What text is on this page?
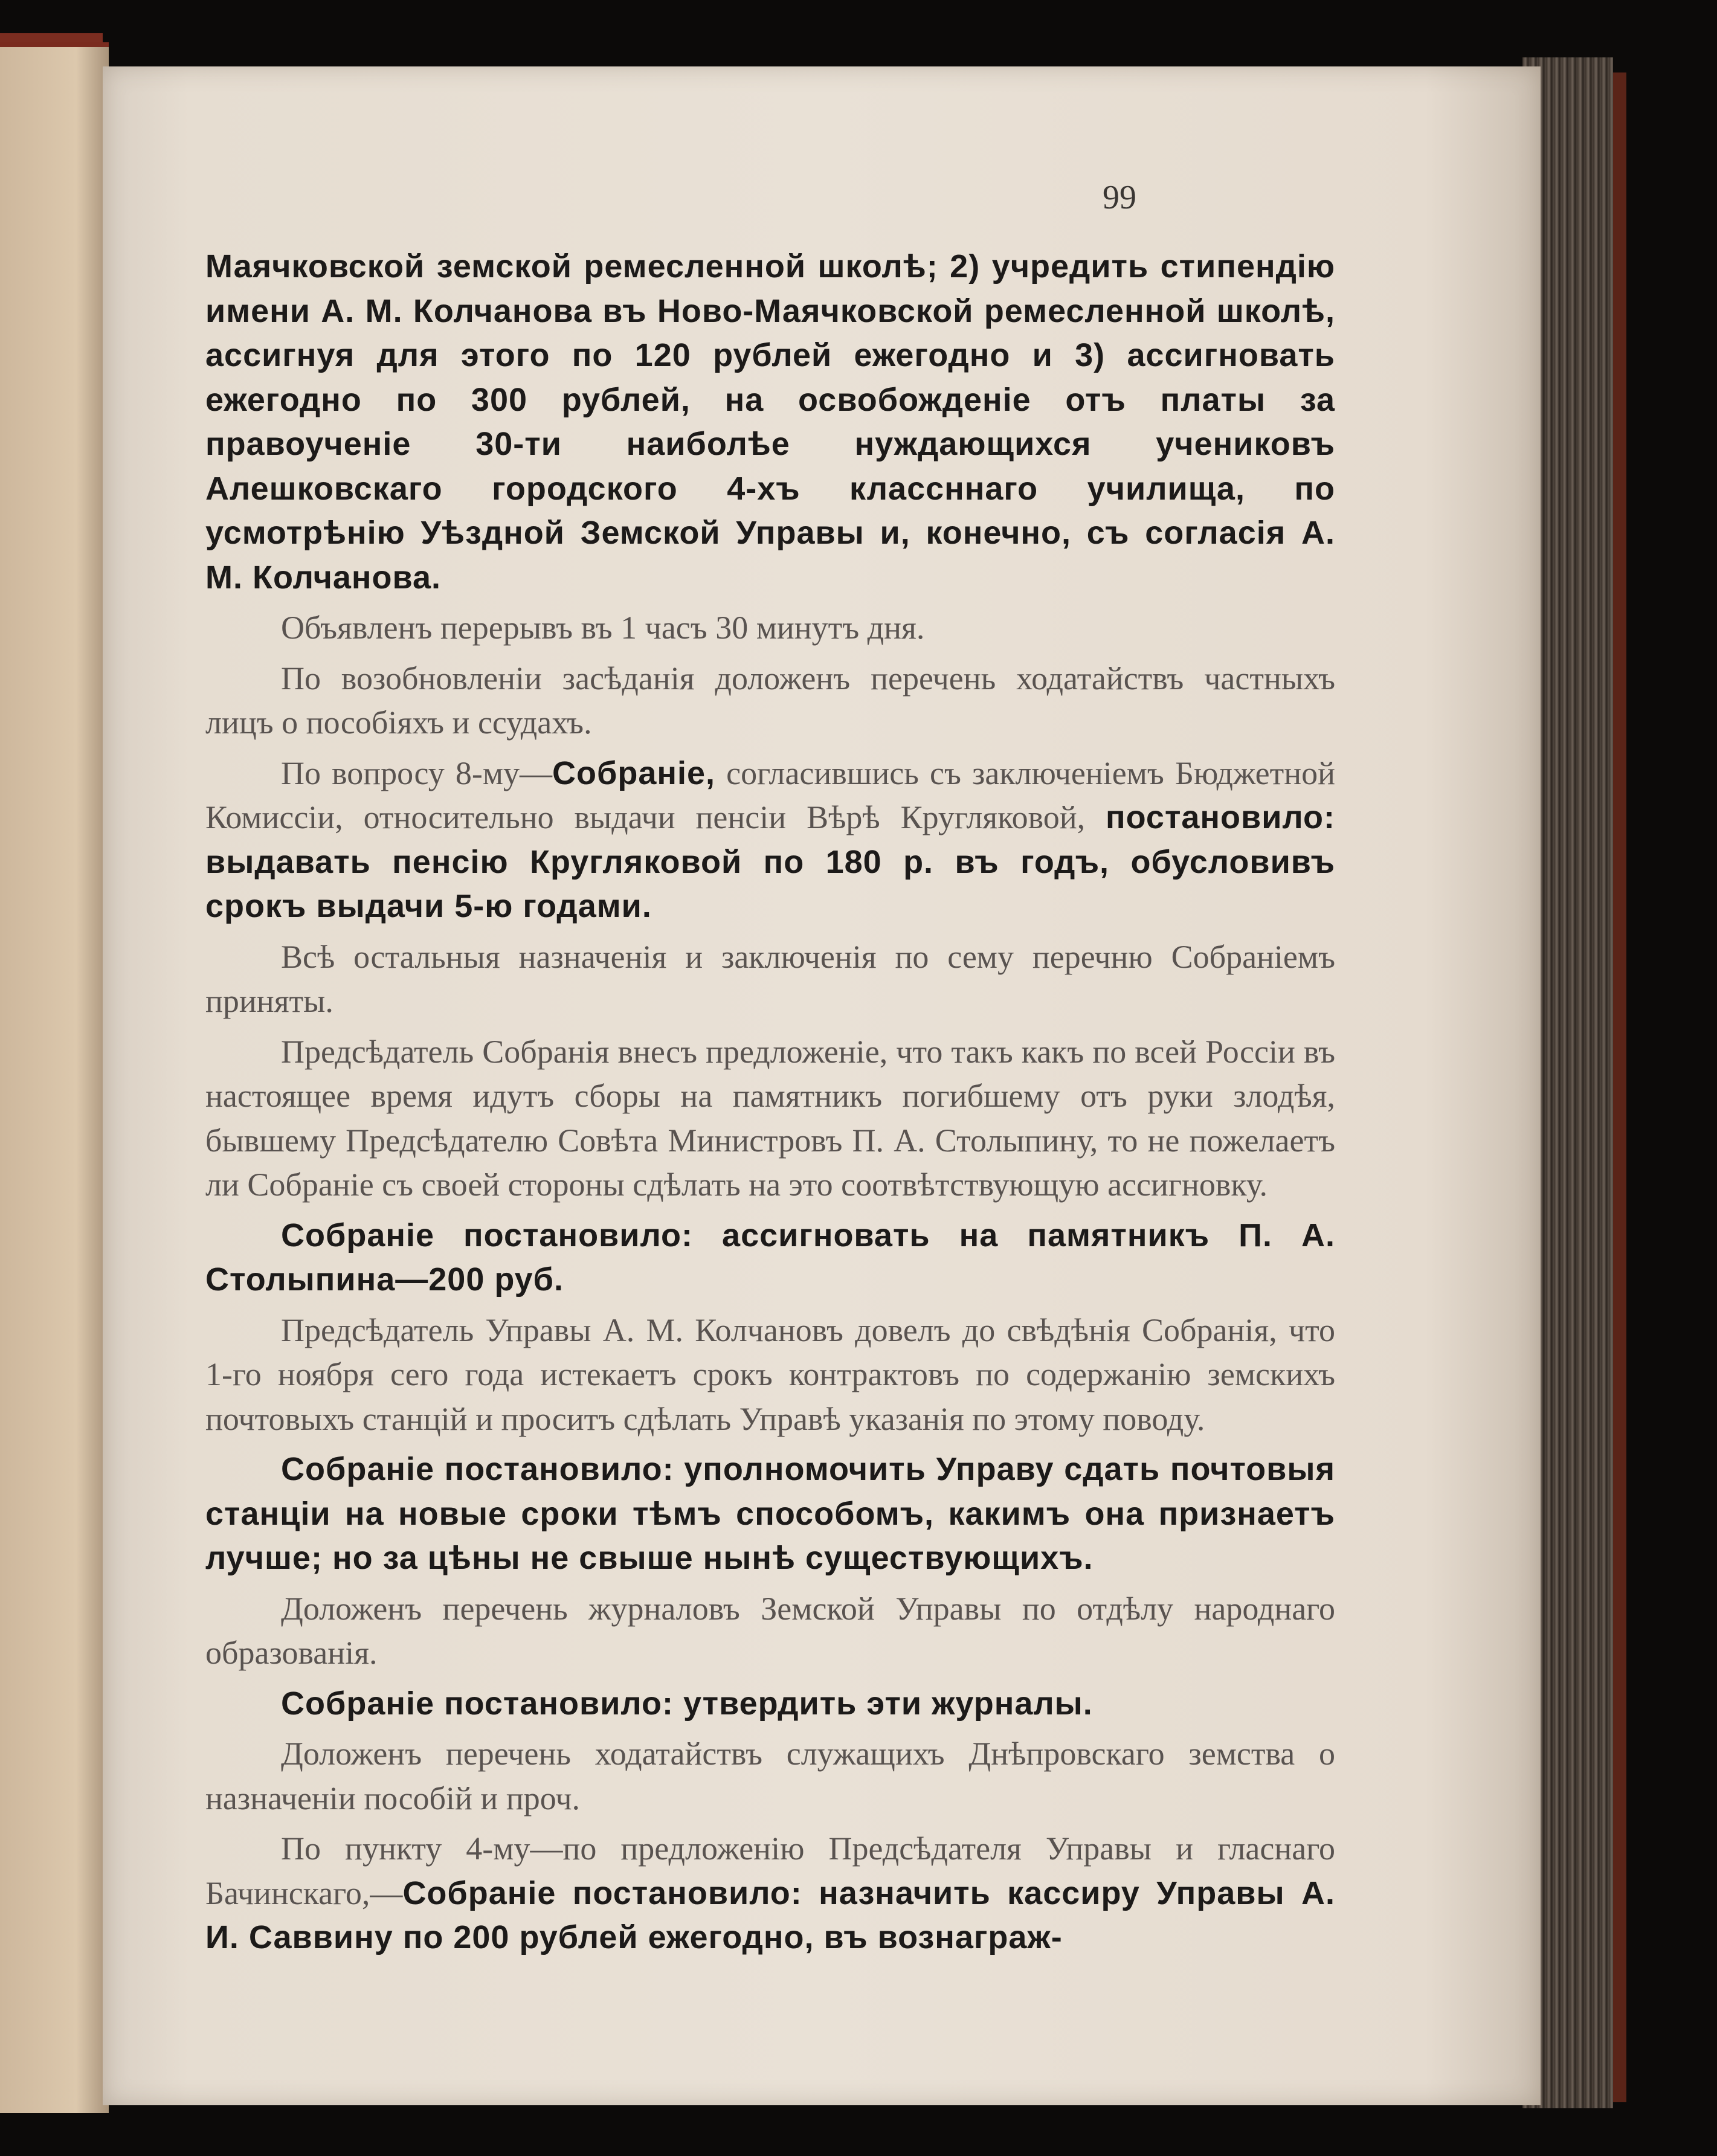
99

Маячковской земской ремесленной школѣ; 2) учредить стипендію имени А. М. Колчанова въ Ново-Маячковской ремесленной школѣ, ассигнуя для этого по 120 рублей ежегодно и 3) ассигновать ежегодно по 300 рублей, на освобожденіе отъ платы за правоученіе 30-ти наиболѣе нуждающихся учениковъ Алешковскаго городского 4-хъ классннаго училища, по усмотрѣнію Уѣздной Земской Управы и, конечно, съ согласія А. М. Колчанова.

Объявленъ перерывъ въ 1 часъ 30 минутъ дня.

По возобновленіи засѣданія доложенъ перечень ходатайствъ частныхъ лицъ о пособіяхъ и ссудахъ.

По вопросу 8-му—Собраніе, согласившись съ заключеніемъ Бюджетной Комиссіи, относительно выдачи пенсіи Вѣрѣ Кругляковой, постановило: выдавать пенсію Кругляковой по 180 р. въ годъ, обусловивъ срокъ выдачи 5-ю годами.

Всѣ остальныя назначенія и заключенія по сему перечню Собраніемъ приняты.

Предсѣдатель Собранія внесъ предложеніе, что такъ какъ по всей Россіи въ настоящее время идутъ сборы на памятникъ погибшему отъ руки злодѣя, бывшему Предсѣдателю Совѣта Министровъ П. А. Столыпину, то не пожелаетъ ли Собраніе съ своей стороны сдѣлать на это соотвѣтствующую ассигновку.

Собраніе постановило: ассигновать на памятникъ П. А. Столыпина—200 руб.

Предсѣдатель Управы А. М. Колчановъ довелъ до свѣдѣнія Собранія, что 1-го ноября сего года истекаетъ срокъ контрактовъ по содержанію земскихъ почтовыхъ станцій и проситъ сдѣлать Управѣ указанія по этому поводу.

Собраніе постановило: уполномочить Управу сдать почтовыя станціи на новые сроки тѣмъ способомъ, какимъ она признаетъ лучше; но за цѣны не свыше нынѣ существующихъ.

Доложенъ перечень журналовъ Земской Управы по отдѣлу народнаго образованія.

Собраніе постановило: утвердить эти журналы.

Доложенъ перечень ходатайствъ служащихъ Днѣпровскаго земства о назначеніи пособій и проч.

По пункту 4-му—по предложенію Предсѣдателя Управы и гласнаго Бачинскаго,—Собраніе постановило: назначить кассиру Управы А. И. Саввину по 200 рублей ежегодно, въ вознаграж-
